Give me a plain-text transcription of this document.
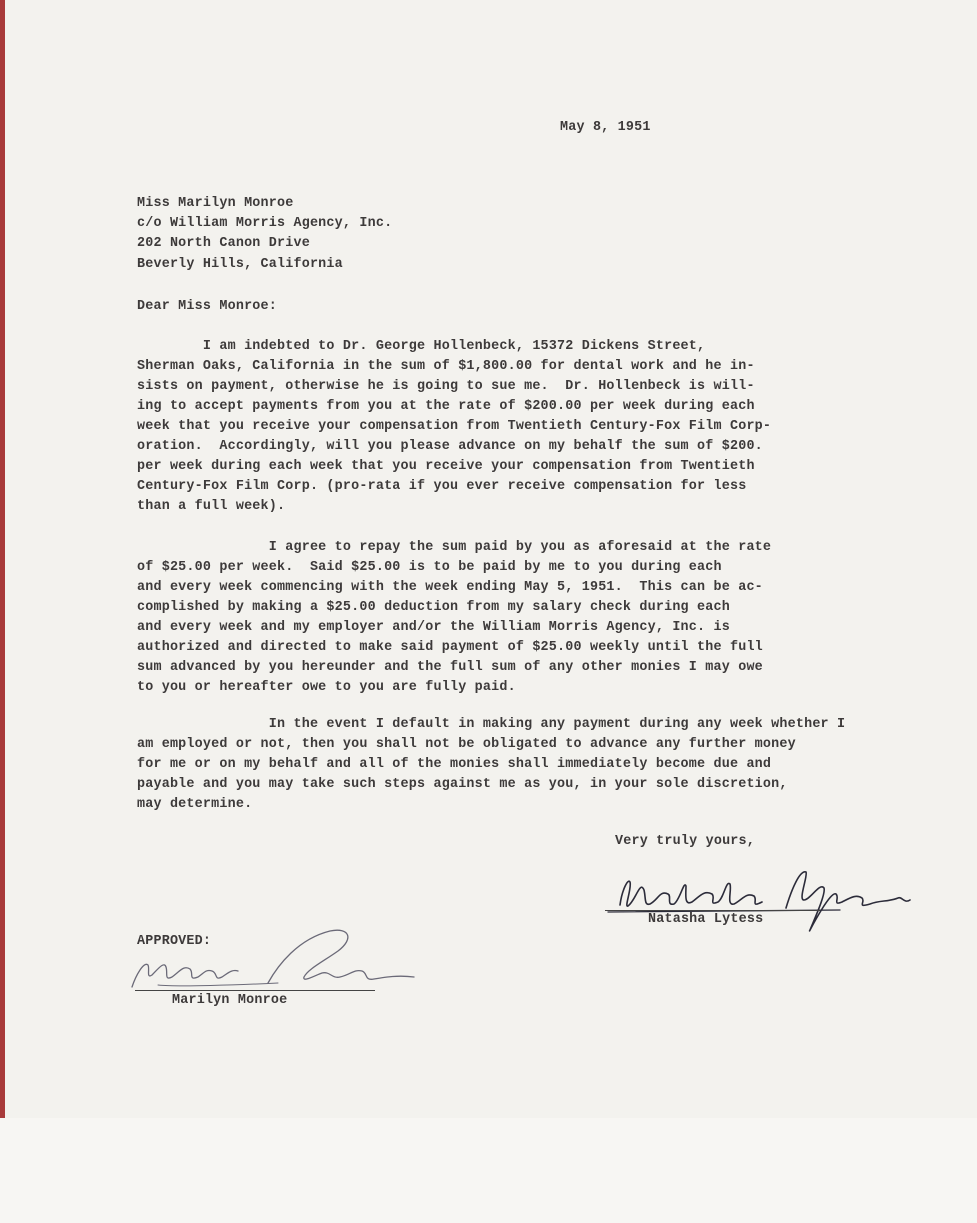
May 8, 1951
Miss Marilyn Monroe
c/o William Morris Agency, Inc.
202 North Canon Drive
Beverly Hills, California
Dear Miss Monroe:
I am indebted to Dr. George Hollenbeck, 15372 Dickens Street,
Sherman Oaks, California in the sum of $1,800.00 for dental work and he in-
sists on payment, otherwise he is going to sue me.  Dr. Hollenbeck is will-
ing to accept payments from you at the rate of $200.00 per week during each
week that you receive your compensation from Twentieth Century-Fox Film Corp-
oration.  Accordingly, will you please advance on my behalf the sum of $200.
per week during each week that you receive your compensation from Twentieth
Century-Fox Film Corp. (pro-rata if you ever receive compensation for less
than a full week).
I agree to repay the sum paid by you as aforesaid at the rate
of $25.00 per week.  Said $25.00 is to be paid by me to you during each
and every week commencing with the week ending May 5, 1951.  This can be ac-
complished by making a $25.00 deduction from my salary check during each
and every week and my employer and/or the William Morris Agency, Inc. is
authorized and directed to make said payment of $25.00 weekly until the full
sum advanced by you hereunder and the full sum of any other monies I may owe
to you or hereafter owe to you are fully paid.
In the event I default in making any payment during any week whether I
am employed or not, then you shall not be obligated to advance any further money
for me or on my behalf and all of the monies shall immediately become due and
payable and you may take such steps against me as you, in your sole discretion,
may determine.
Very truly yours,
Natasha Lytess
APPROVED:
Marilyn Monroe
